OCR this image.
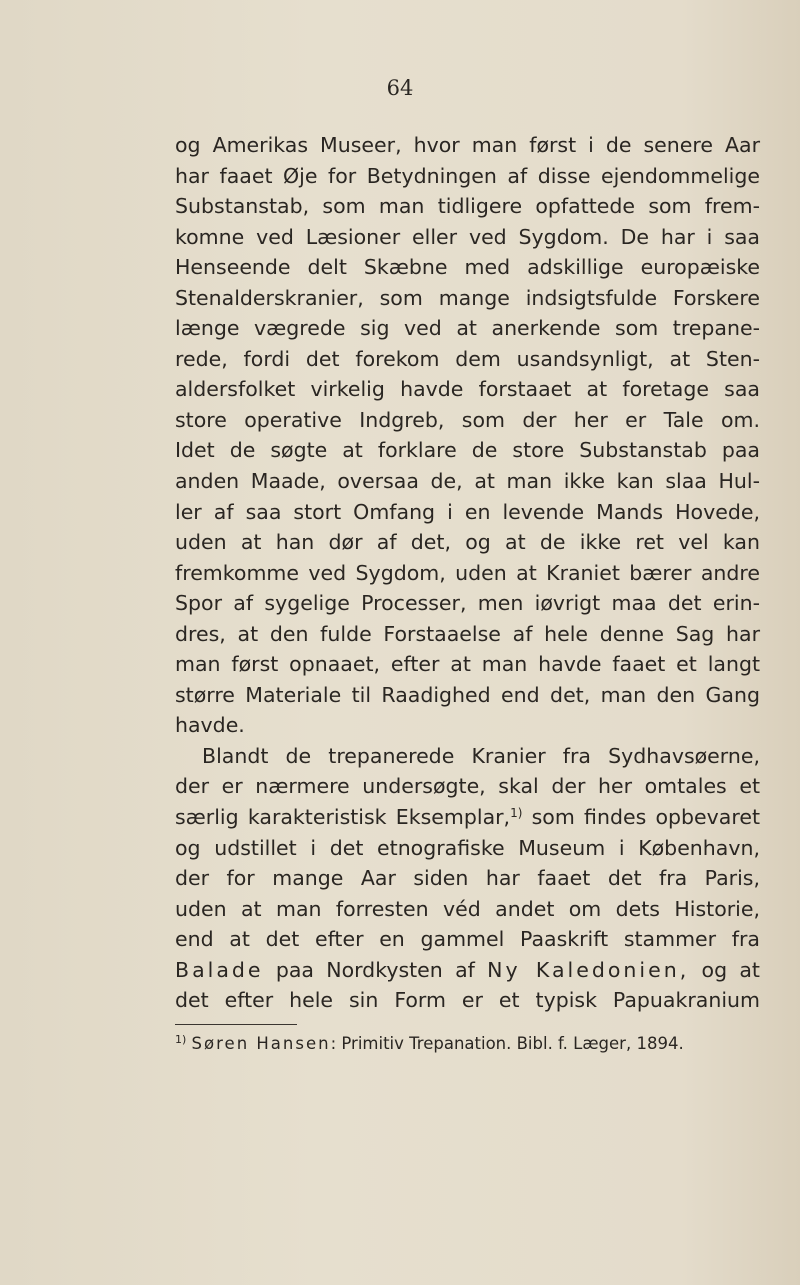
64
og Amerikas Museer, hvor man først i de senere Aar
har faaet Øje for Betydningen af disse ejendommelige
Substanstab, som man tidligere opfattede som frem-
komne ved Læsioner eller ved Sygdom. De har i saa
Henseende delt Skæbne med adskillige europæiske
Stenalderskranier, som mange indsigtsfulde Forskere
længe vægrede sig ved at anerkende som trepane-
rede, fordi det forekom dem usandsynligt, at Sten-
aldersfolket virkelig havde forstaaet at foretage saa
store operative Indgreb, som der her er Tale om.
Idet de søgte at forklare de store Substanstab paa
anden Maade, oversaa de, at man ikke kan slaa Hul-
ler af saa stort Omfang i en levende Mands Hovede,
uden at han dør af det, og at de ikke ret vel kan
fremkomme ved Sygdom, uden at Kraniet bærer andre
Spor af sygelige Processer, men iøvrigt maa det erin-
dres, at den fulde Forstaaelse af hele denne Sag har
man først opnaaet, efter at man havde faaet et langt
større Materiale til Raadighed end det, man den Gang
havde.
Blandt de trepanerede Kranier fra Sydhavsøerne,
der er nærmere undersøgte, skal der her omtales et
særlig karakteristisk Eksemplar,$^{1)}$ som findes opbevaret
og udstillet i det etnografiske Museum i København,
der for mange Aar siden har faaet det fra Paris,
uden at man forresten véd andet om dets Historie,
end at det efter en gammel Paaskrift stammer fra
Balade paa Nordkysten af Ny Kaledonien, og at
det efter hele sin Form er et typisk Papuakranium
$^{1)}$ Søren Hansen: Primitiv Trepanation. Bibl. f. Læger, 1894.
